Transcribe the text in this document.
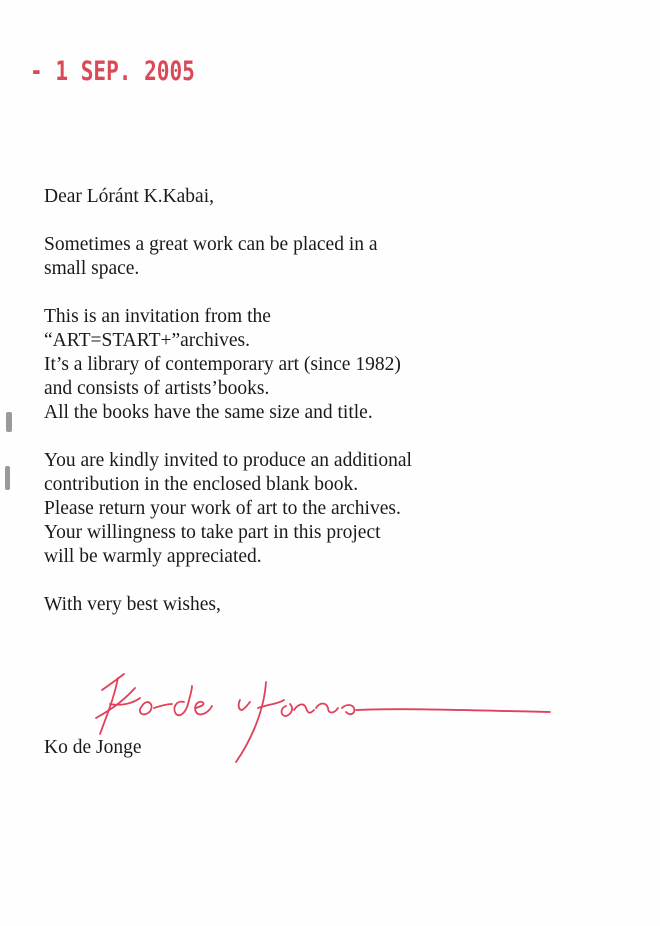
- 1 SEP. 2005
Dear Lóránt K.Kabai,
Sometimes a great work can be placed in a
small space.
This is an invitation from the
“ART=START+”archives.
It’s a library of contemporary art (since 1982)
and consists of artists’books.
All the books have the same size and title.
You are kindly invited to produce an additional
contribution in the enclosed blank book.
Please return your work of art to the archives.
Your willingness to take part in this project
will be warmly appreciated.
With very best wishes,
Ko de Jonge
